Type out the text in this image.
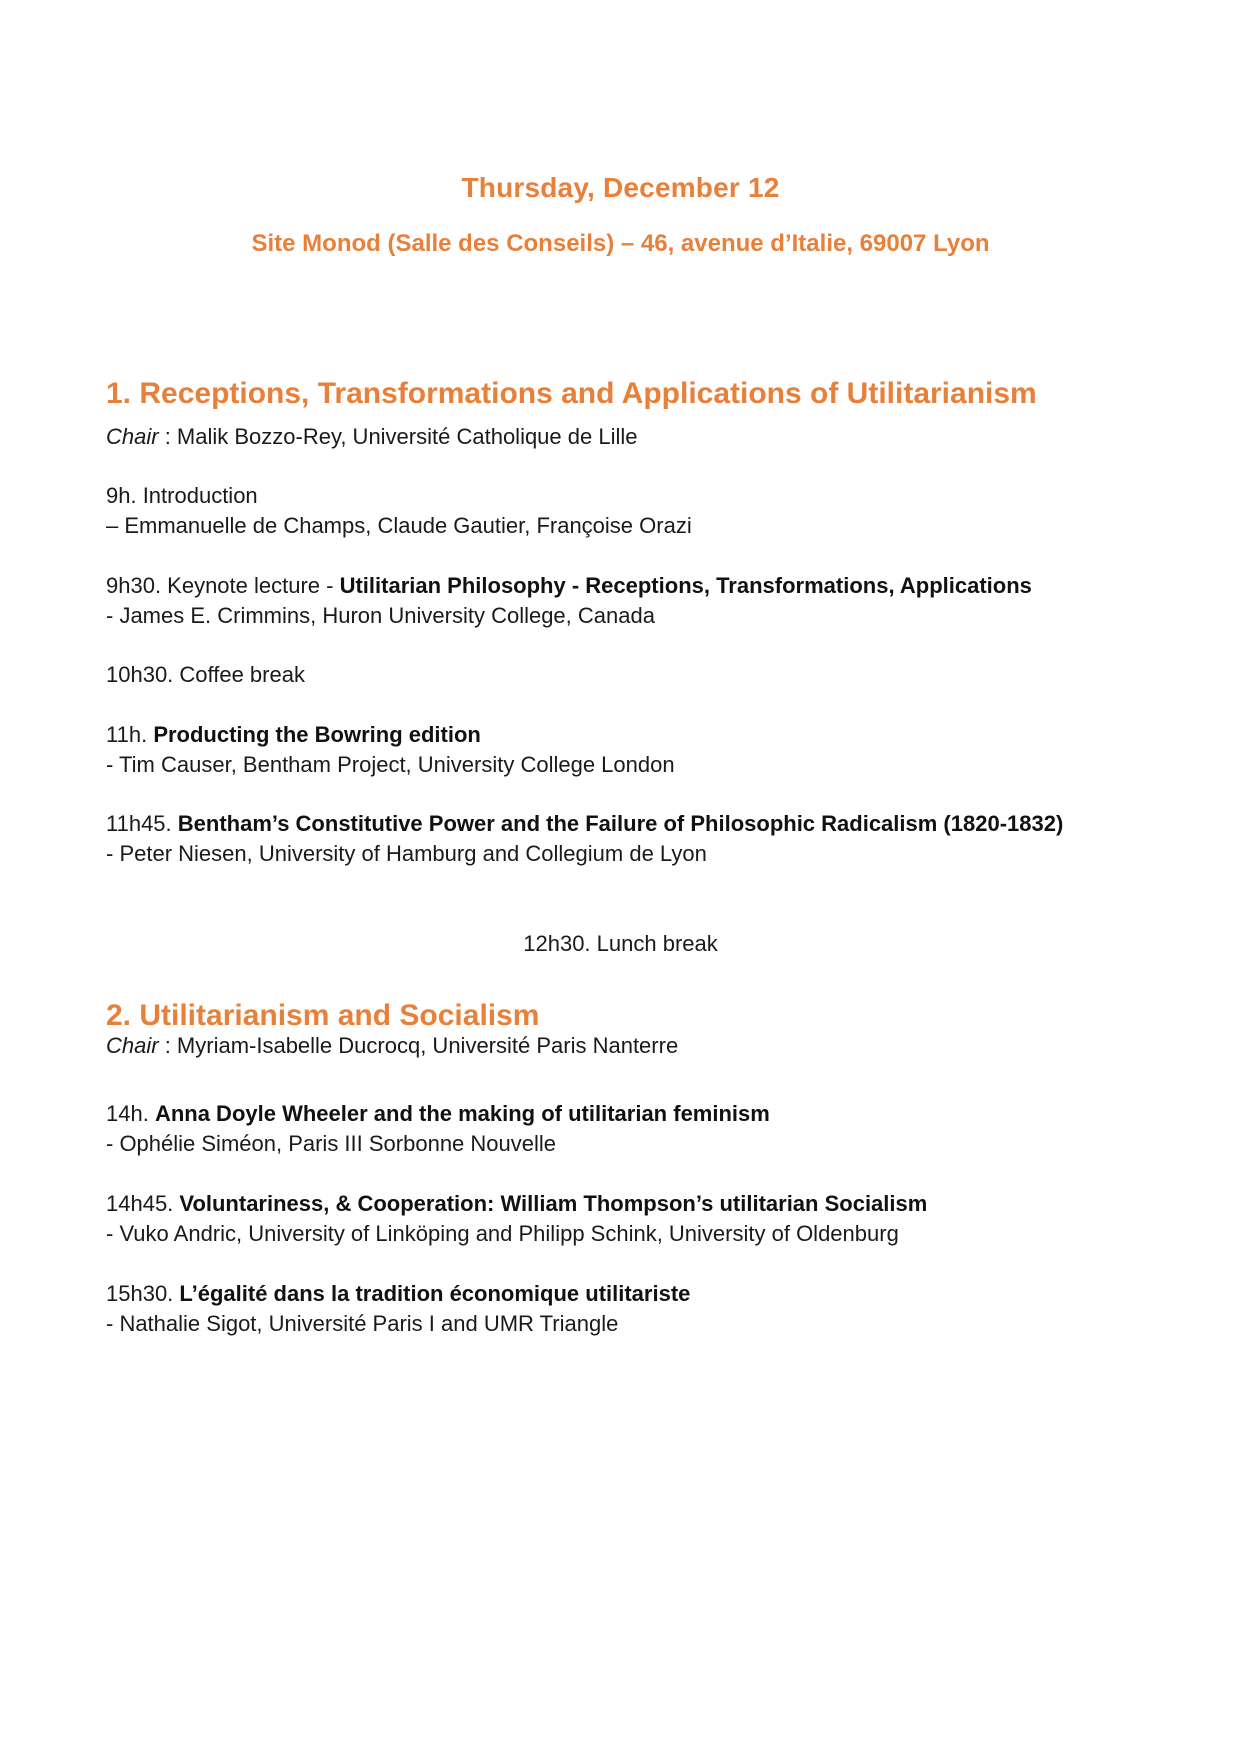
Thursday, December 12
Site Monod (Salle des Conseils) – 46, avenue d’Italie, 69007 Lyon
1. Receptions, Transformations and Applications of Utilitarianism
Chair : Malik Bozzo-Rey, Université Catholique de Lille
9h. Introduction
– Emmanuelle de Champs, Claude Gautier, Françoise Orazi
9h30. Keynote lecture - Utilitarian Philosophy - Receptions, Transformations, Applications
- James E. Crimmins, Huron University College, Canada
10h30. Coffee break
11h. Producting the Bowring edition
- Tim Causer, Bentham Project, University College London
11h45. Bentham’s Constitutive Power and the Failure of Philosophic Radicalism (1820-1832)
- Peter Niesen, University of Hamburg and Collegium de Lyon
12h30. Lunch break
2. Utilitarianism and Socialism
Chair : Myriam-Isabelle Ducrocq, Université Paris Nanterre
14h. Anna Doyle Wheeler and the making of utilitarian feminism
- Ophélie Siméon, Paris III Sorbonne Nouvelle
14h45. Voluntariness, & Cooperation: William Thompson’s utilitarian Socialism
- Vuko Andric, University of Linköping and Philipp Schink, University of Oldenburg
15h30. L’égalité dans la tradition économique utilitariste
- Nathalie Sigot, Université Paris I and UMR Triangle
